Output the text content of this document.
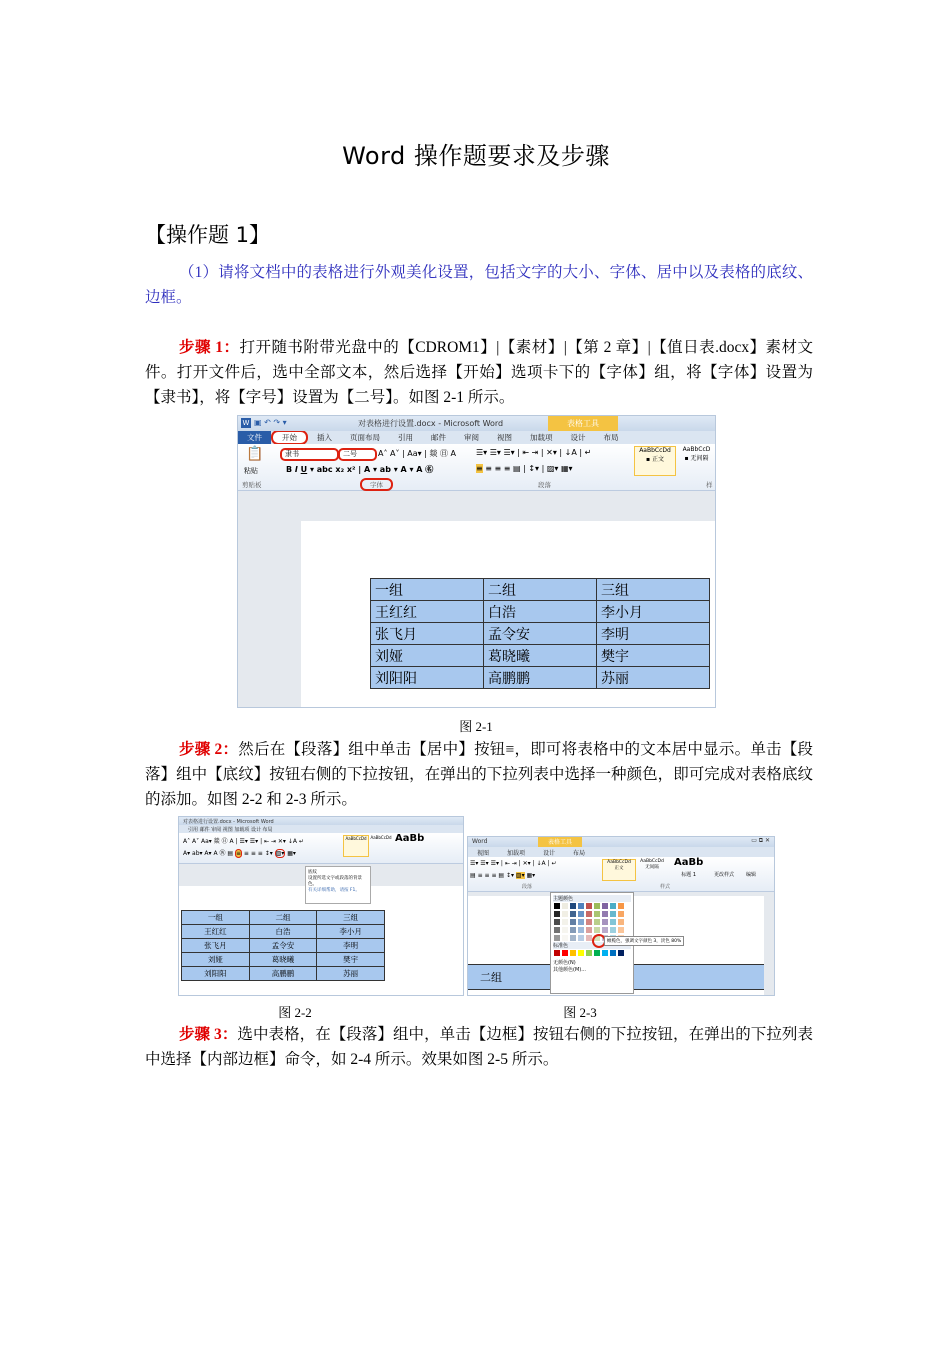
Word 操作题要求及步骤
【操作题 1】
（1）请将文档中的表格进行外观美化设置，包括文字的大小、字体、居中以及表格的底纹、边框。
步骤 1：打开随书附带光盘中的【CDROM1】|【素材】|【第 2 章】|【值日表.docx】素材文件。打开文件后，选中全部文本，然后选择【开始】选项卡下的【字体】组，将【字体】设置为【隶书】，将【字号】设置为【二号】。如图 2-1 所示。
W ▣ ↶ ↷ ▾	对表格进行设置.docx - Microsoft Word	表格工具
文件	开始	插入	页面布局	引用	邮件	审阅	视图	加载项	设计	布局
📋
粘贴
隶书	二号	A˄ A˅ | Aa▾ | 燚 ㊐ A
B I U ▾ abc x₂ x² | A ▾ ab ▾ A ▾ A ㊔
☰▾ ☰▾ ☰▾ | ⇤ ⇥ | ✕▾ | ↓A | ↵
≡ ≡ ≡ ≡ ▤ | ↕▾ | ▨▾ ▦▾
AaBbCcDd
▪ 正文
AaBbCcD
▪ 无间隔
剪贴板	字体	段落	样
一组	二组	三组
王红红	白浩	李小月
张飞月	孟令安	李明
刘娅	葛晓曦	樊宇
刘阳阳	高鹏鹏	苏丽
图 2-1
步骤 2：然后在【段落】组中单击【居中】按钮≡，即可将表格中的文本居中显示。单击【段落】组中【底纹】按钮右侧的下拉按钮，在弹出的下拉列表中选择一种颜色，即可完成对表格底纹的添加。如图 2-2 和 2-3 所示。
对表格进行设置.docx - Microsoft Word
引用 邮件 审阅 视图 加载项 设计 布局
A˄ A˅ Aa▾ 燚 ㊐ A | ☰▾ ☰▾ | ⇤ ⇥ ✕▾ ↓A ↵
A▾ ab▾ A▾ A ㊔ ▤ ≡ ≡ ≡ ≡ ↕▾ ▨▾ ▦▾
AaBbCcDd AaBbCcDd AaBb
底纹
设置所选文字或段落的背景色。
有关详细帮助，请按 F1。
一组	二组	三组
王红红	白浩	李小月
张飞月	孟令安	李明
刘娅	葛晓曦	樊宇
刘阳阳	高鹏鹏	苏丽
图 2-2
Word	表格工具	▭ ⧉ ✕
视图	加载项	设计	布局
☰▾ ☰▾ ☰▾ | ⇤ ⇥ | ✕▾ | ↓A | ↵
▤ ≡ ≡ ≡ ▤ ↕▾ ▨▾ ▦▾
AaBbCcDd
正文
AaBbCcDd
无间隔	AaBb
标题 1	更改样式 编辑
段落	样式
二组
主题颜色
标准色
无颜色(N)
其他颜色(M)...
橄榄色，强调文字颜色 3，淡色 80%
图 2-3
步骤 3：选中表格，在【段落】组中，单击【边框】按钮右侧的下拉按钮，在弹出的下拉列表中选择【内部边框】命令，如 2-4 所示。效果如图 2-5 所示。
